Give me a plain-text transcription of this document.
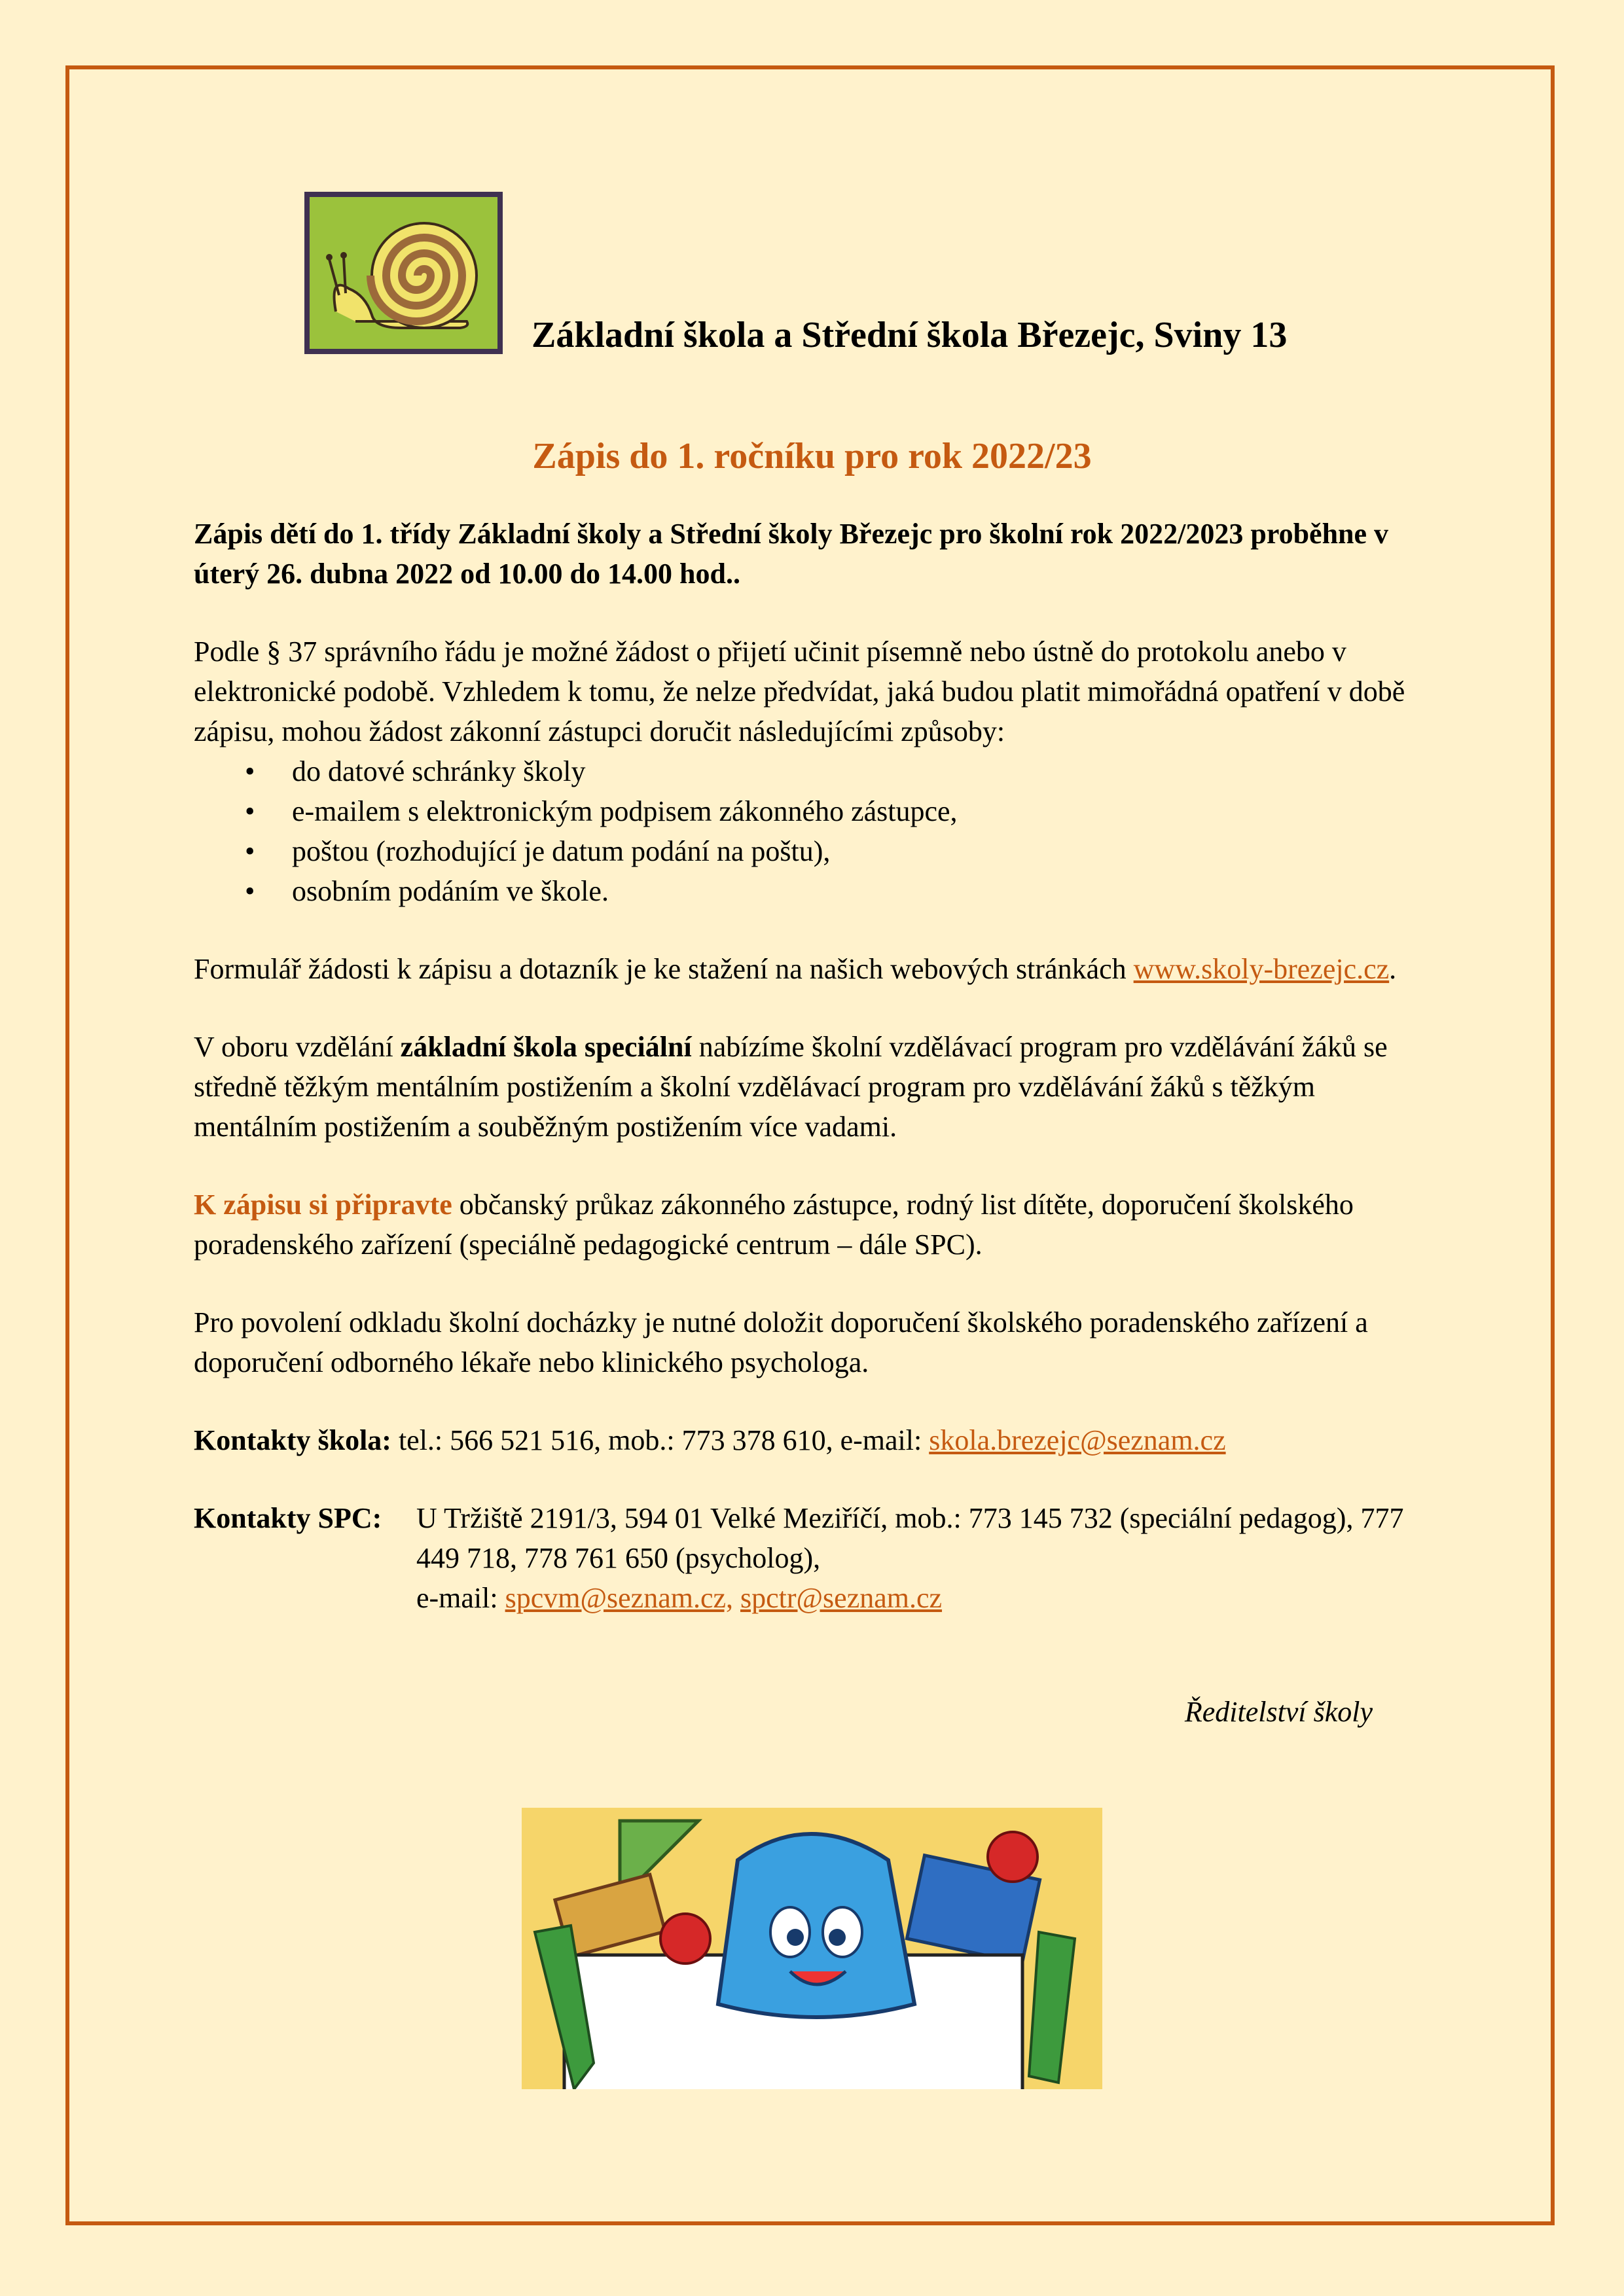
Základní škola a Střední škola Březejc, Sviny 13
Zápis do 1. ročníku pro rok 2022/23

Zápis dětí do 1. třídy Základní školy a Střední školy Březejc pro školní rok 2022/2023 proběhne v úterý 26. dubna 2022 od 10.00 do 14.00 hod..

Podle § 37 správního řádu je možné žádost o přijetí učinit písemně nebo ústně do protokolu anebo v elektronické podobě. Vzhledem k tomu, že nelze předvídat, jaká budou platit mimořádná opatření v době zápisu, mohou žádost zákonní zástupci doručit následujícími způsoby:

• do datové schránky školy
• e-mailem s elektronickým podpisem zákonného zástupce,
• poštou (rozhodující je datum podání na poštu),
• osobním podáním ve škole.

Formulář žádosti k zápisu a dotazník je ke stažení na našich webových stránkách www.skoly-brezejc.cz.

V oboru vzdělání základní škola speciální nabízíme školní vzdělávací program pro vzdělávání žáků se středně těžkým mentálním postižením a školní vzdělávací program pro vzdělávání žáků s těžkým mentálním postižením a souběžným postižením více vadami.

K zápisu si připravte občanský průkaz zákonného zástupce, rodný list dítěte, doporučení školského poradenského zařízení (speciálně pedagogické centrum – dále SPC).

Pro povolení odkladu školní docházky je nutné doložit doporučení školského poradenského zařízení a doporučení odborného lékaře nebo klinického psychologa.

Kontakty škola: tel.: 566 521 516, mob.: 773 378 610, e-mail: skola.brezejc@seznam.cz

Kontakty SPC:	U Tržiště 2191/3, 594 01 Velké Meziříčí, mob.: 773 145 732 (speciální pedagog), 777 449 718, 778 761 650 (psycholog),
e-mail: spcvm@seznam.cz, spctr@seznam.cz
Ředitelství školy
